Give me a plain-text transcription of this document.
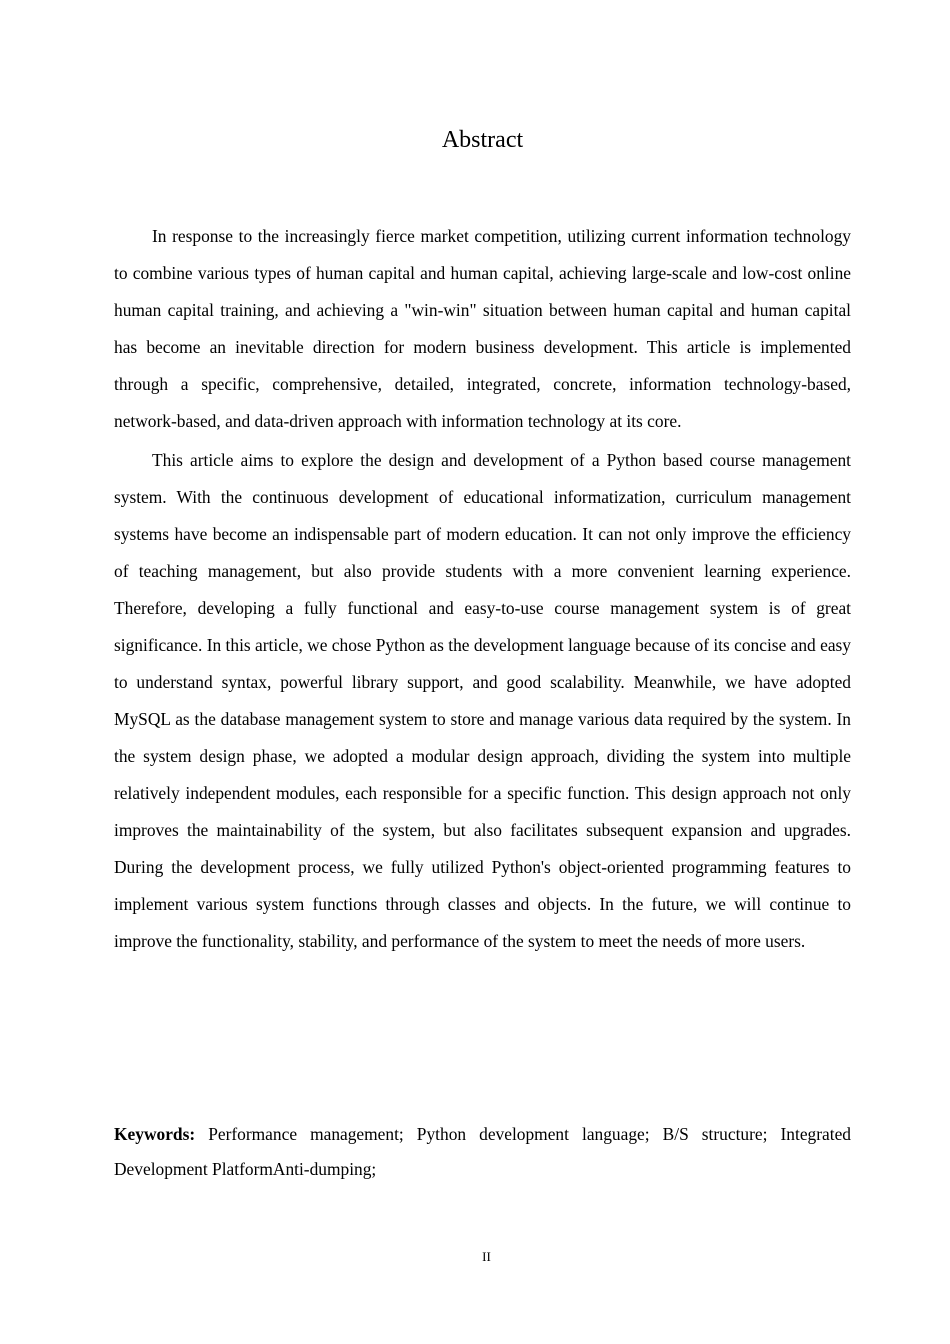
Abstract

In response to the increasingly fierce market competition, utilizing current information technology to combine various types of human capital and human capital, achieving large-scale and low-cost online human capital training, and achieving a "win-win" situation between human capital and human capital has become an inevitable direction for modern business development. This article is implemented through a specific, comprehensive, detailed, integrated, concrete, information technology-based, network-based, and data-driven approach with information technology at its core.

This article aims to explore the design and development of a Python based course management system. With the continuous development of educational informatization, curriculum management systems have become an indispensable part of modern education. It can not only improve the efficiency of teaching management, but also provide students with a more convenient learning experience. Therefore, developing a fully functional and easy-to-use course management system is of great significance. In this article, we chose Python as the development language because of its concise and easy to understand syntax, powerful library support, and good scalability. Meanwhile, we have adopted MySQL as the database management system to store and manage various data required by the system. In the system design phase, we adopted a modular design approach, dividing the system into multiple relatively independent modules, each responsible for a specific function. This design approach not only improves the maintainability of the system, but also facilitates subsequent expansion and upgrades. During the development process, we fully utilized Python's object-oriented programming features to implement various system functions through classes and objects. In the future, we will continue to improve the functionality, stability, and performance of the system to meet the needs of more users.

Keywords: Performance management; Python development language; B/S structure; Integrated Development PlatformAnti-dumping;

II
